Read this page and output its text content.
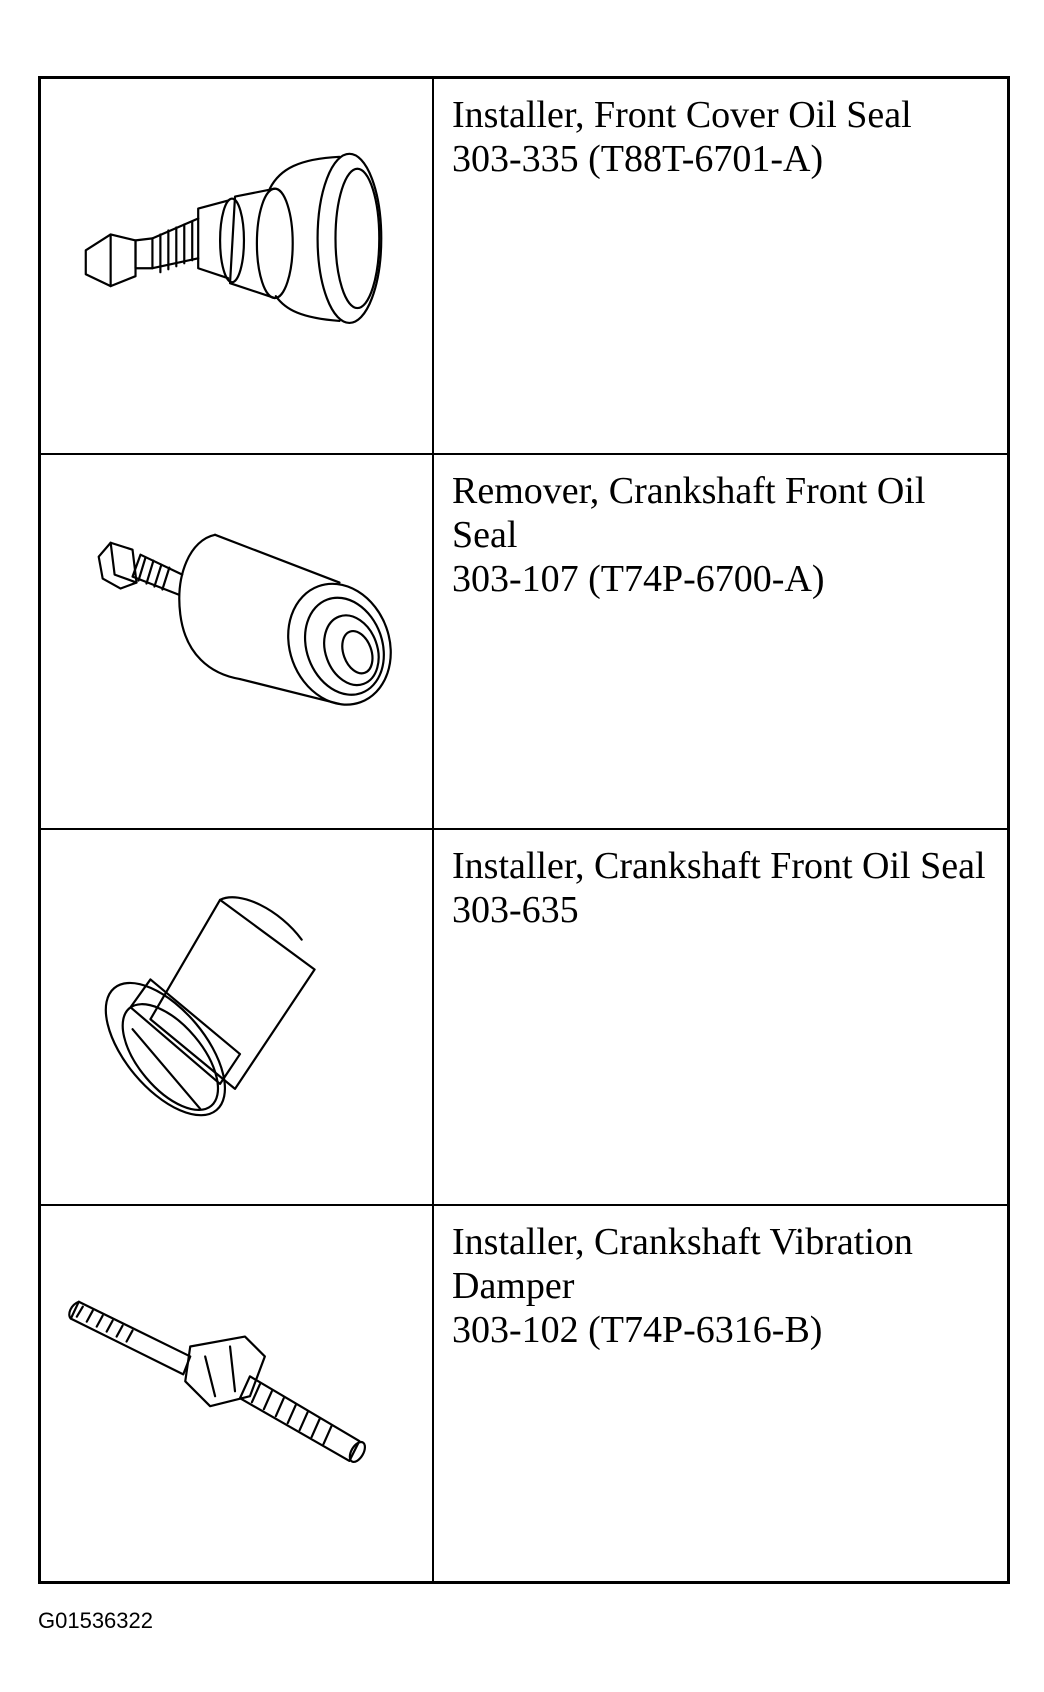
Installer, Front Cover Oil Seal
303-335 (T88T-6701-A)
Remover, Crankshaft Front Oil Seal
303-107 (T74P-6700-A)
Installer, Crankshaft Front Oil Seal
303-635
Installer, Crankshaft Vibration Damper
303-102 (T74P-6316-B)
G01536322
